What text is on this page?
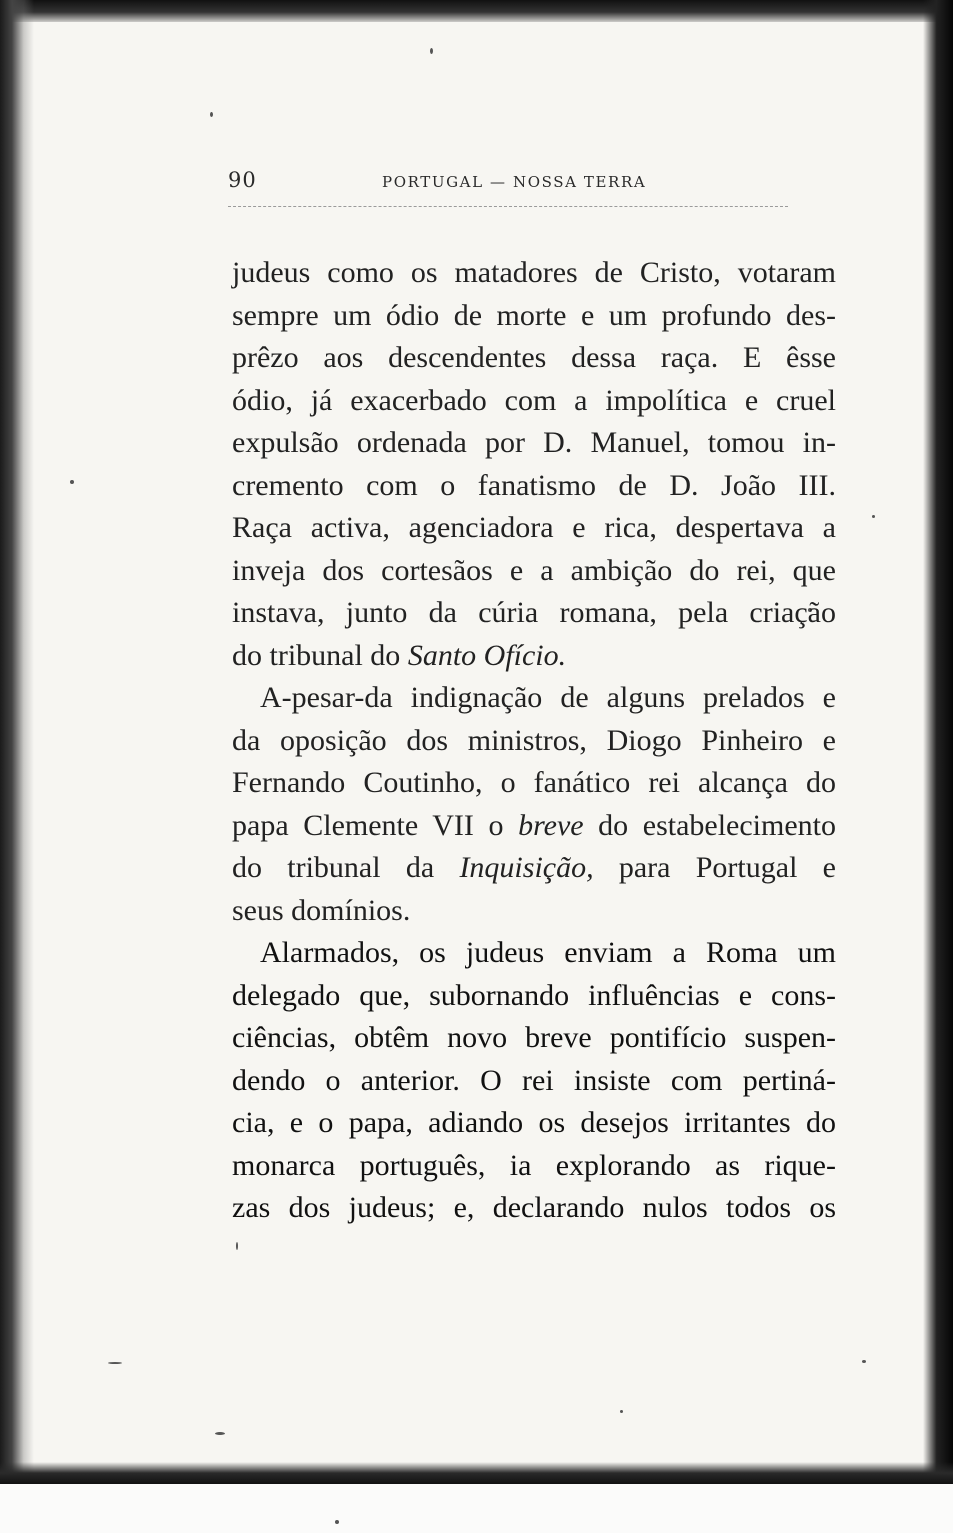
90	PORTUGAL — NOSSA TERRA
judeus como os matadores de Cristo, votaram
sempre um ódio de morte e um profundo des-
prêzo aos descendentes dessa raça. E êsse
ódio, já exacerbado com a impolítica e cruel
expulsão ordenada por D. Manuel, tomou in-
cremento com o fanatismo de D. João III.
Raça activa, agenciadora e rica, despertava a
inveja dos cortesãos e a ambição do rei, que
instava, junto da cúria romana, pela criação
do tribunal do Santo Ofício.
A-pesar-da indignação de alguns prelados e
da oposição dos ministros, Diogo Pinheiro e
Fernando Coutinho, o fanático rei alcança do
papa Clemente VII o breve do estabelecimento
do tribunal da Inquisição, para Portugal e
seus domínios.
Alarmados, os judeus enviam a Roma um
delegado que, subornando influências e cons-
ciências, obtêm novo breve pontifício suspen-
dendo o anterior. O rei insiste com pertiná-
cia, e o papa, adiando os desejos irritantes do
monarca português, ia explorando as rique-
zas dos judeus; e, declarando nulos todos os
